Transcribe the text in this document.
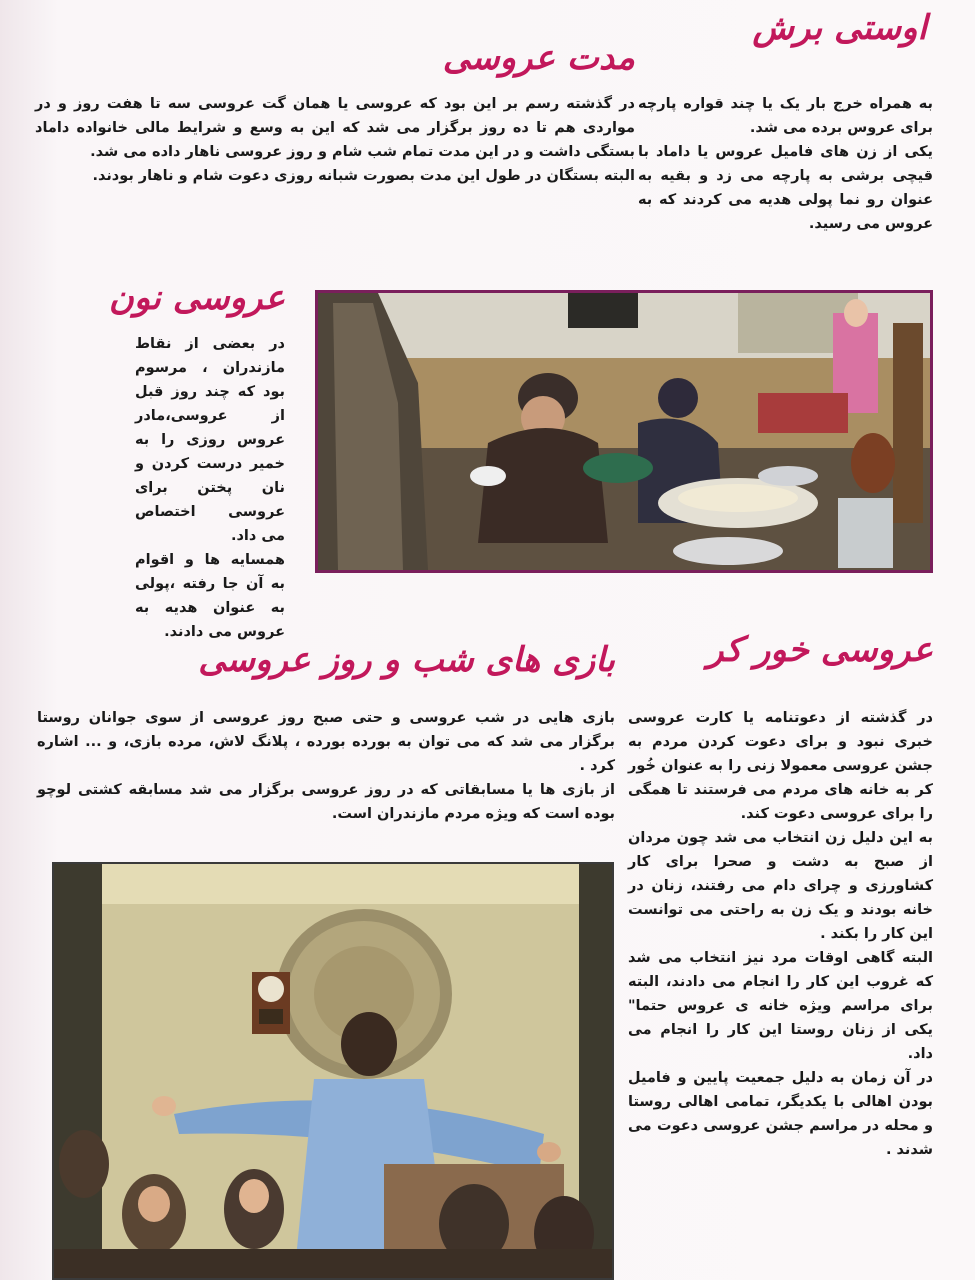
اوستی برش

به همراه خرج بار یک یا چند قواره پارچه برای عروس برده می شد.

یکی از زن های فامیل عروس یا داماد با قیچی برشی به پارچه می زد و بقیه به عنوان رو نما پولی هدیه می کردند که به عروس می رسید.

مدت عروسی

در گذشته رسم بر این بود که عروسی یا همان گت عروسی سه تا هفت روز و در مواردی هم تا ده روز برگزار می شد که این به وسع و شرایط مالی خانواده داماد بستگی داشت و در این مدت تمام شب شام و روز عروسی ناهار داده می شد.

البته بستگان در طول این مدت بصورت شبانه روزی دعوت شام و ناهار بودند.

عروسی نون

در بعضی از نقاط مازندران ، مرسوم بود که چند روز قبل از عروسی،مادر عروس روزی را به خمیر درست کردن و نان پختن برای عروسی اختصاص می داد.

همسایه ها و اقوام به آن جا رفته ،پولی به عنوان هدیه به عروس می دادند.	عروسی خور کر

در گذشته از دعوتنامه یا کارت عروسی خبری نبود و برای دعوت کردن مردم به جشن عروسی معمولا زنی را به عنوان خُور کر به خانه های مردم می فرستند تا همگی را برای عروسی دعوت کند.

به این دلیل زن انتخاب می شد چون مردان از صبح به دشت و صحرا برای کار کشاورزی و چرای دام می رفتند، زنان در خانه بودند و یک زن به راحتی می توانست این کار را بکند .

البته گاهی اوقات مرد نیز انتخاب می شد که غروب این کار را انجام می دادند، البته برای مراسم ویژه خانه ی عروس حتما" یکی از زنان روستا این کار را انجام می داد.

در آن زمان به دلیل جمعیت پایین و فامیل بودن اهالی با یکدیگر، تمامی اهالی روستا و محله در مراسم جشن عروسی دعوت می شدند .

بازی های شب و روز عروسی

بازی هایی در شب عروسی و حتی صبح روز عروسی از سوی جوانان روستا برگزار می شد که می توان به بورده بورده ، پلانگ لاش، مرده بازی، و ... اشاره کرد .

از بازی ها یا مسابقاتی که در روز عروسی برگزار می شد مسابقه کشتی لوچو بوده است که ویژه مردم مازندران است.
